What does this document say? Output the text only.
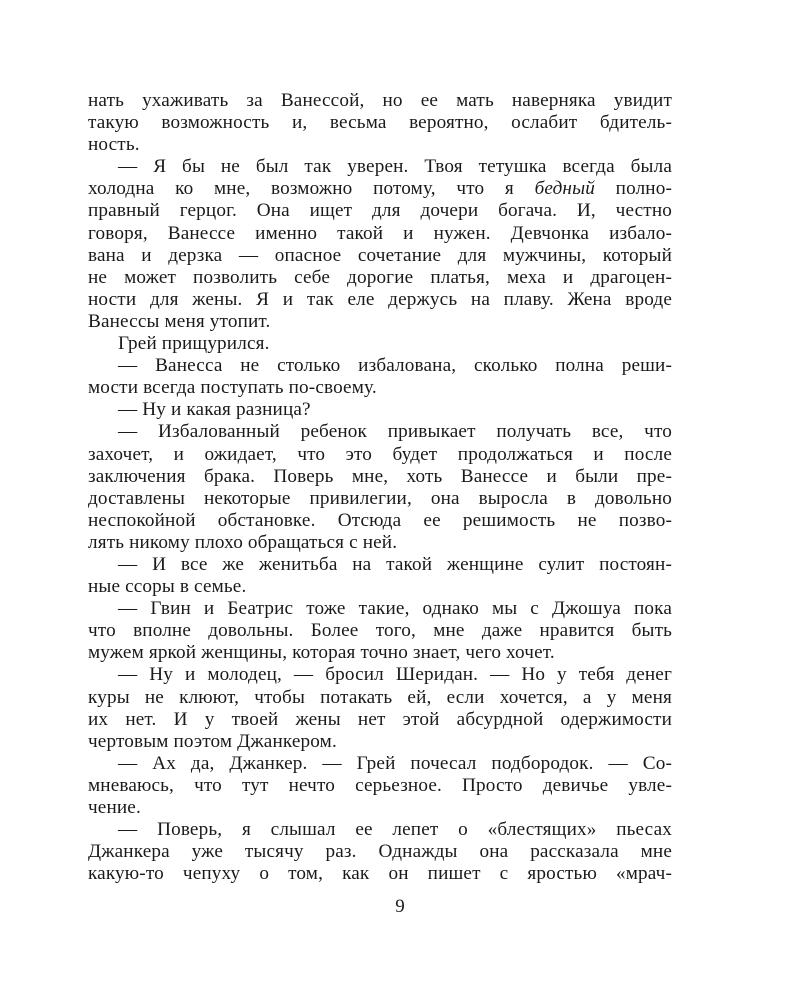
нать ухаживать за Ванессой, но ее мать наверняка увидит
такую возможность и, весьма вероятно, ослабит бдитель-
ность.
— Я бы не был так уверен. Твоя тетушка всегда была
холодна ко мне, возможно потому, что я бедный полно-
правный герцог. Она ищет для дочери богача. И, честно
говоря, Ванессе именно такой и нужен. Девчонка избало-
вана и дерзка — опасное сочетание для мужчины, который
не может позволить себе дорогие платья, меха и драгоцен-
ности для жены. Я и так еле держусь на плаву. Жена вроде
Ванессы меня утопит.
Грей прищурился.
— Ванесса не столько избалована, сколько полна реши-
мости всегда поступать по-своему.
— Ну и какая разница?
— Избалованный ребенок привыкает получать все, что
захочет, и ожидает, что это будет продолжаться и после
заключения брака. Поверь мне, хоть Ванессе и были пре-
доставлены некоторые привилегии, она выросла в довольно
неспокойной обстановке. Отсюда ее решимость не позво-
лять никому плохо обращаться с ней.
— И все же женитьба на такой женщине сулит постоян-
ные ссоры в семье.
— Гвин и Беатрис тоже такие, однако мы с Джошуа пока
что вполне довольны. Более того, мне даже нравится быть
мужем яркой женщины, которая точно знает, чего хочет.
— Ну и молодец, — бросил Шеридан. — Но у тебя денег
куры не клюют, чтобы потакать ей, если хочется, а у меня
их нет. И у твоей жены нет этой абсурдной одержимости
чертовым поэтом Джанкером.
— Ах да, Джанкер. — Грей почесал подбородок. — Со-
мневаюсь, что тут нечто серьезное. Просто девичье увле-
чение.
— Поверь, я слышал ее лепет о «блестящих» пьесах
Джанкера уже тысячу раз. Однажды она рассказала мне
какую-то чепуху о том, как он пишет с яростью «мрач-
9
